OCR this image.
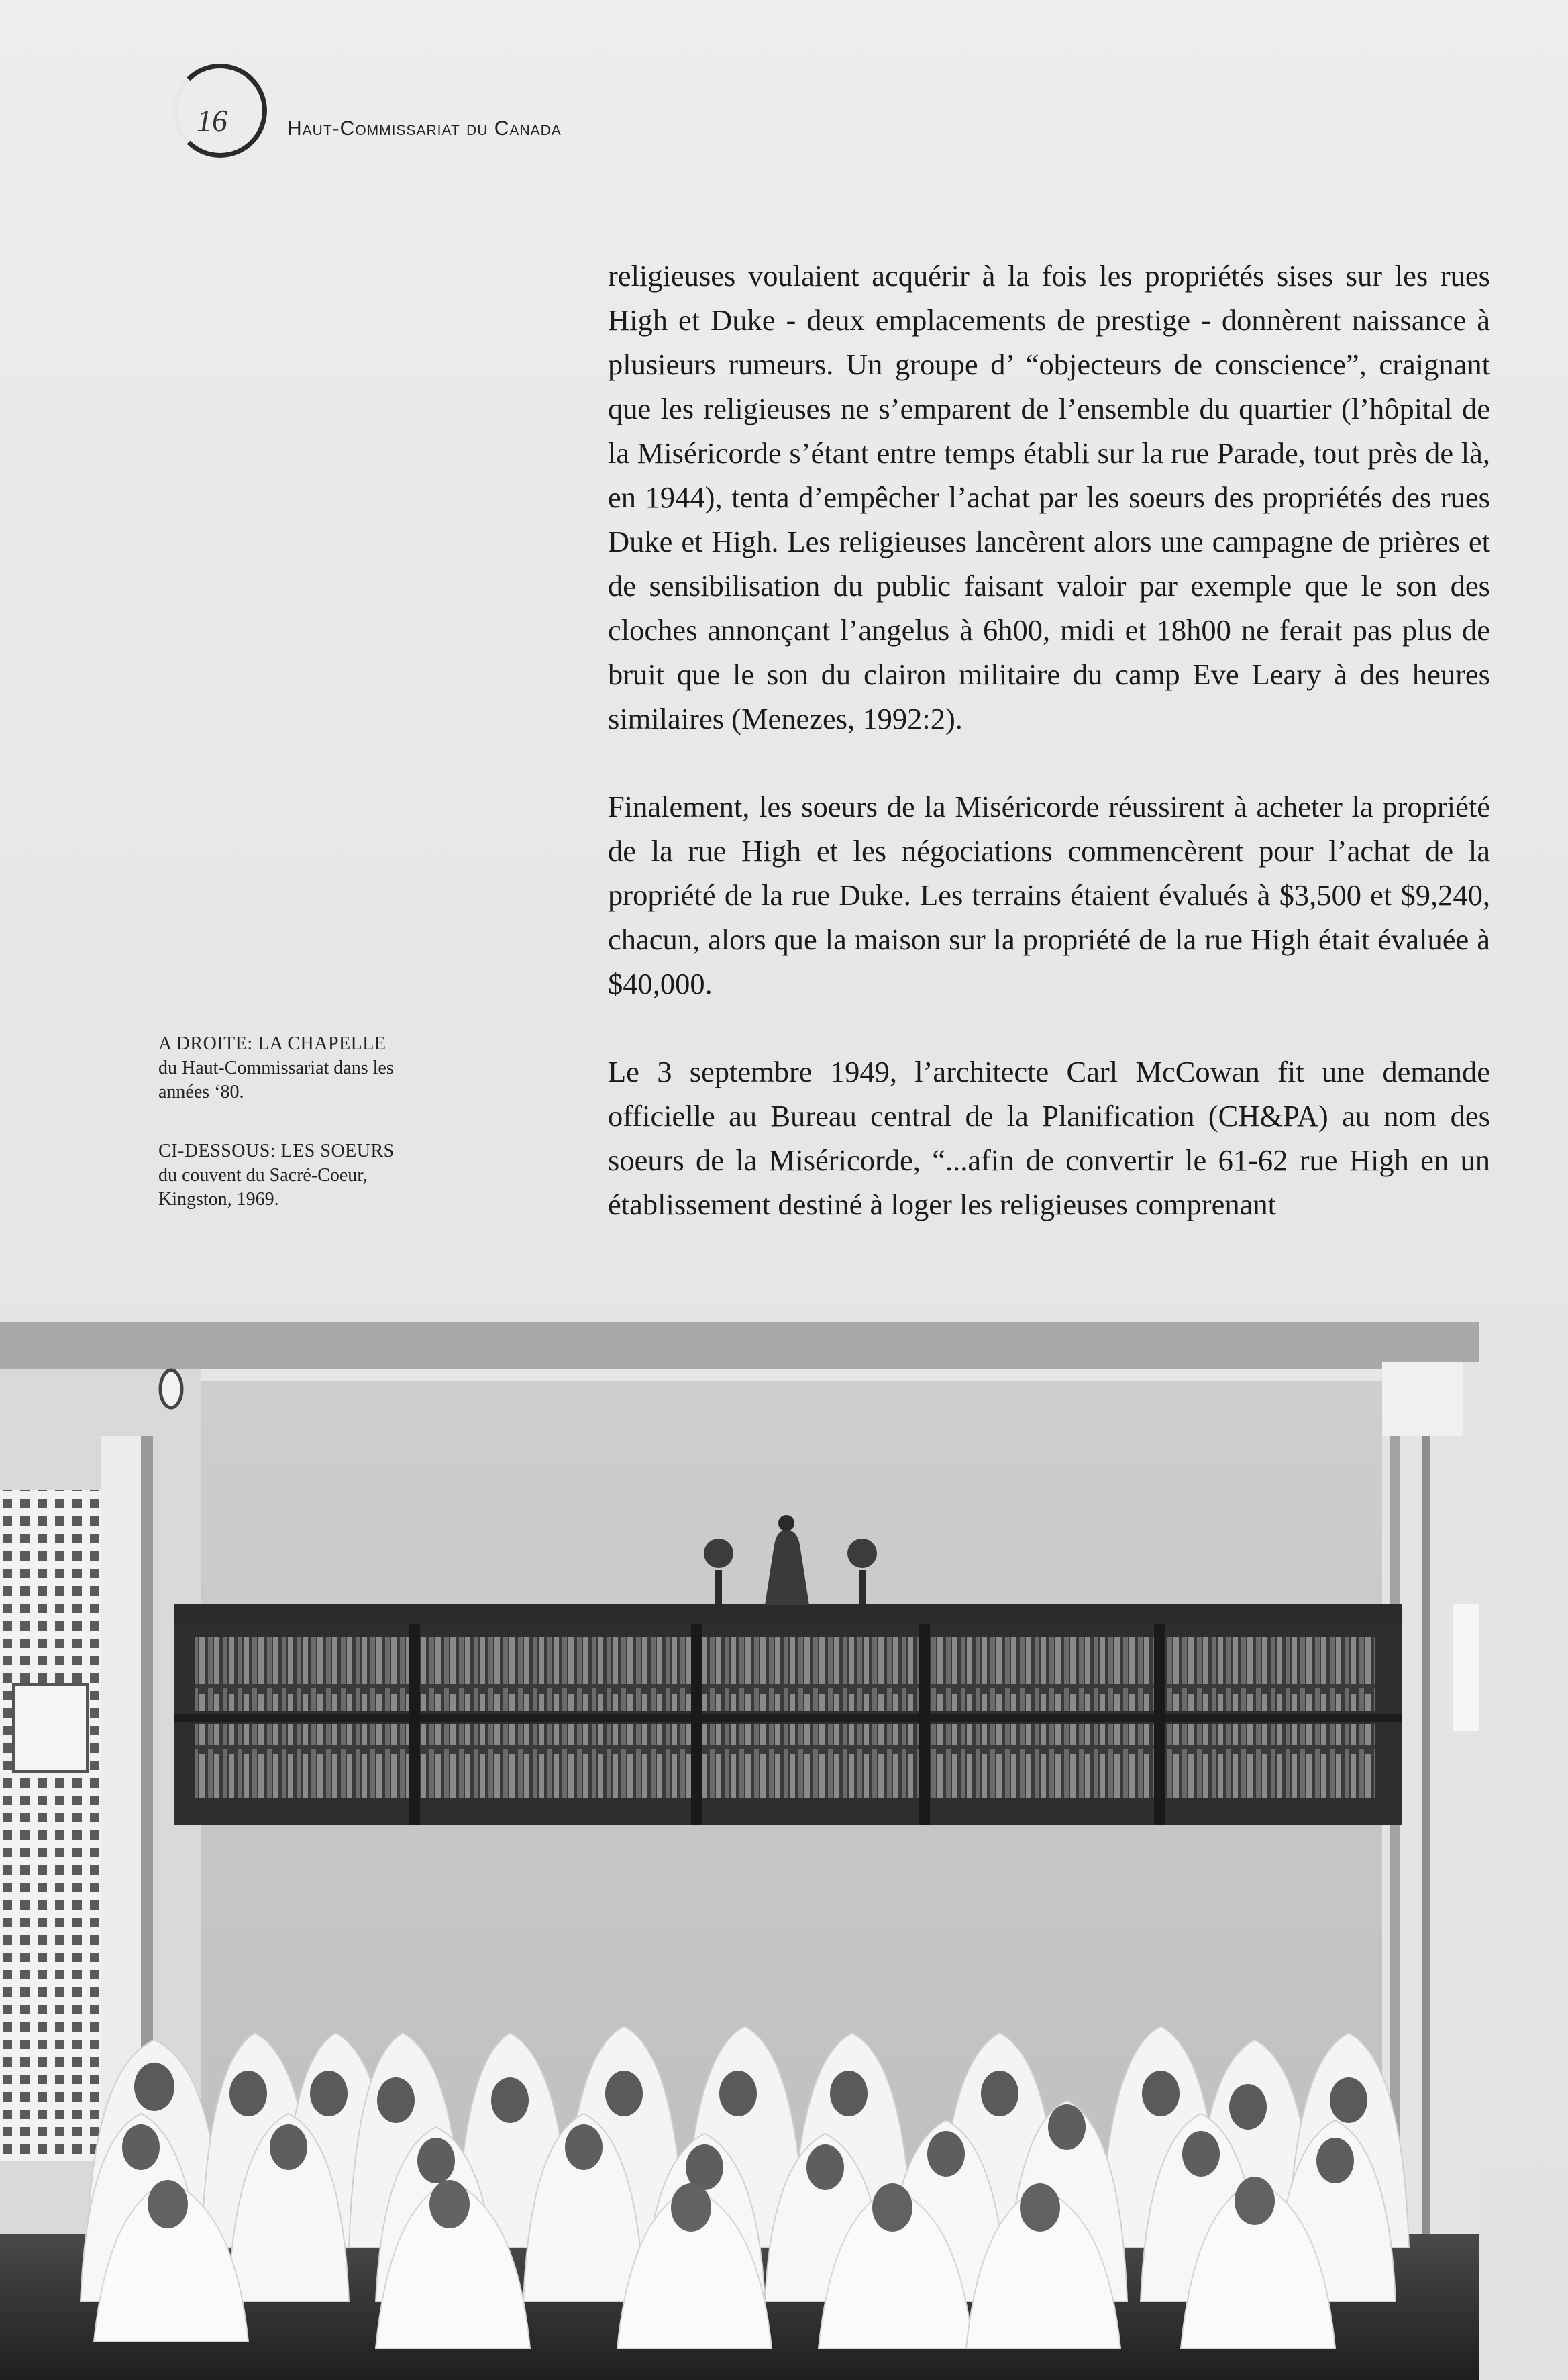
16	Haut-Commissariat du Canada

religieuses voulaient acquérir à la fois les propriétés sises sur les rues High et Duke - deux emplacements de prestige - donnèrent naissance à plusieurs rumeurs. Un groupe d’ “objecteurs de conscience”, craignant que les religieuses ne s’emparent de l’ensemble du quartier (l’hôpital de la Miséricorde s’étant entre temps établi sur la rue Parade, tout près de là, en 1944), tenta d’empêcher l’achat par les soeurs des propriétés des rues Duke et High. Les religieuses lancèrent alors une campagne de prières et de sensibilisation du public faisant valoir par exemple que le son des cloches annonçant l’angelus à 6h00, midi et 18h00 ne ferait pas plus de bruit que le son du clairon militaire du camp Eve Leary à des heures similaires (Menezes, 1992:2).

Finalement, les soeurs de la Miséricorde réussirent à acheter la propriété de la rue High et les négociations commencèrent pour l’achat de la propriété de la rue Duke. Les terrains étaient évalués à $3,500 et $9,240, chacun, alors que la maison sur la propriété de la rue High était évaluée à $40,000.

Le 3 septembre 1949, l’architecte Carl McCowan fit une demande officielle au Bureau central de la Planification (CH&PA) au nom des soeurs de la Miséricorde, “...afin de convertir le 61-62 rue High en un établissement destiné à loger les religieuses comprenant

A DROITE: LA CHAPELLE
du Haut-Commissariat dans les années ‘80.

CI-DESSOUS: LES SOEURS
du couvent du Sacré-Coeur, Kingston, 1969.
